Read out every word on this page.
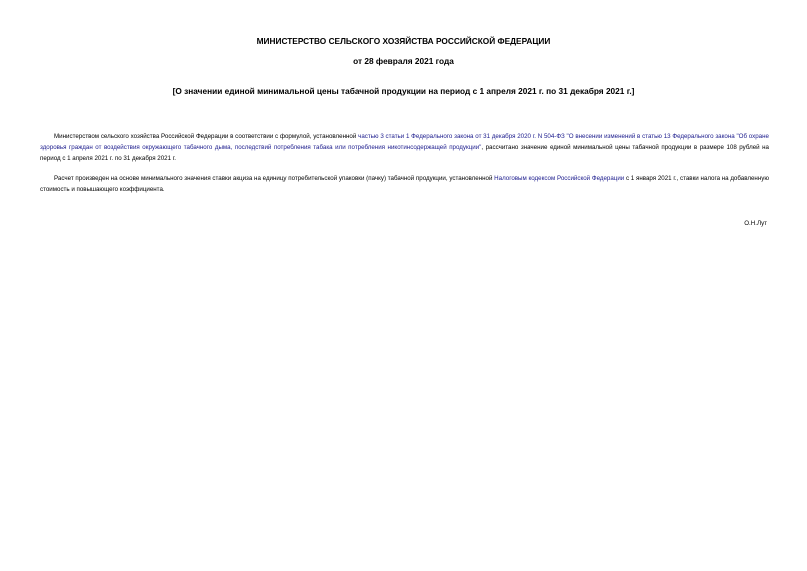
МИНИСТЕРСТВО СЕЛЬСКОГО ХОЗЯЙСТВА РОССИЙСКОЙ ФЕДЕРАЦИИ
от 28 февраля 2021 года
[О значении единой минимальной цены табачной продукции на период с 1 апреля 2021 г. по 31 декабря 2021 г.]

Министерством сельского хозяйства Российской Федерации в соответствии с формулой, установленной частью 3 статьи 1 Федерального закона от 31 декабря 2020 г. N 504-ФЗ "О внесении изменений в статью 13 Федерального закона "Об охране здоровья граждан от воздействия окружающего табачного дыма, последствий потребления табака или потребления никотинсодержащей продукции", рассчитано значение единой минимальной цены табачной продукции в размере 108 рублей на период с 1 апреля 2021 г. по 31 декабря 2021 г.

Расчет произведен на основе минимального значения ставки акциза на единицу потребительской упаковки (пачку) табачной продукции, установленной Налоговым кодексом Российской Федерации с 1 января 2021 г., ставки налога на добавленную стоимость и повышающего коэффициента.

О.Н.Лут
